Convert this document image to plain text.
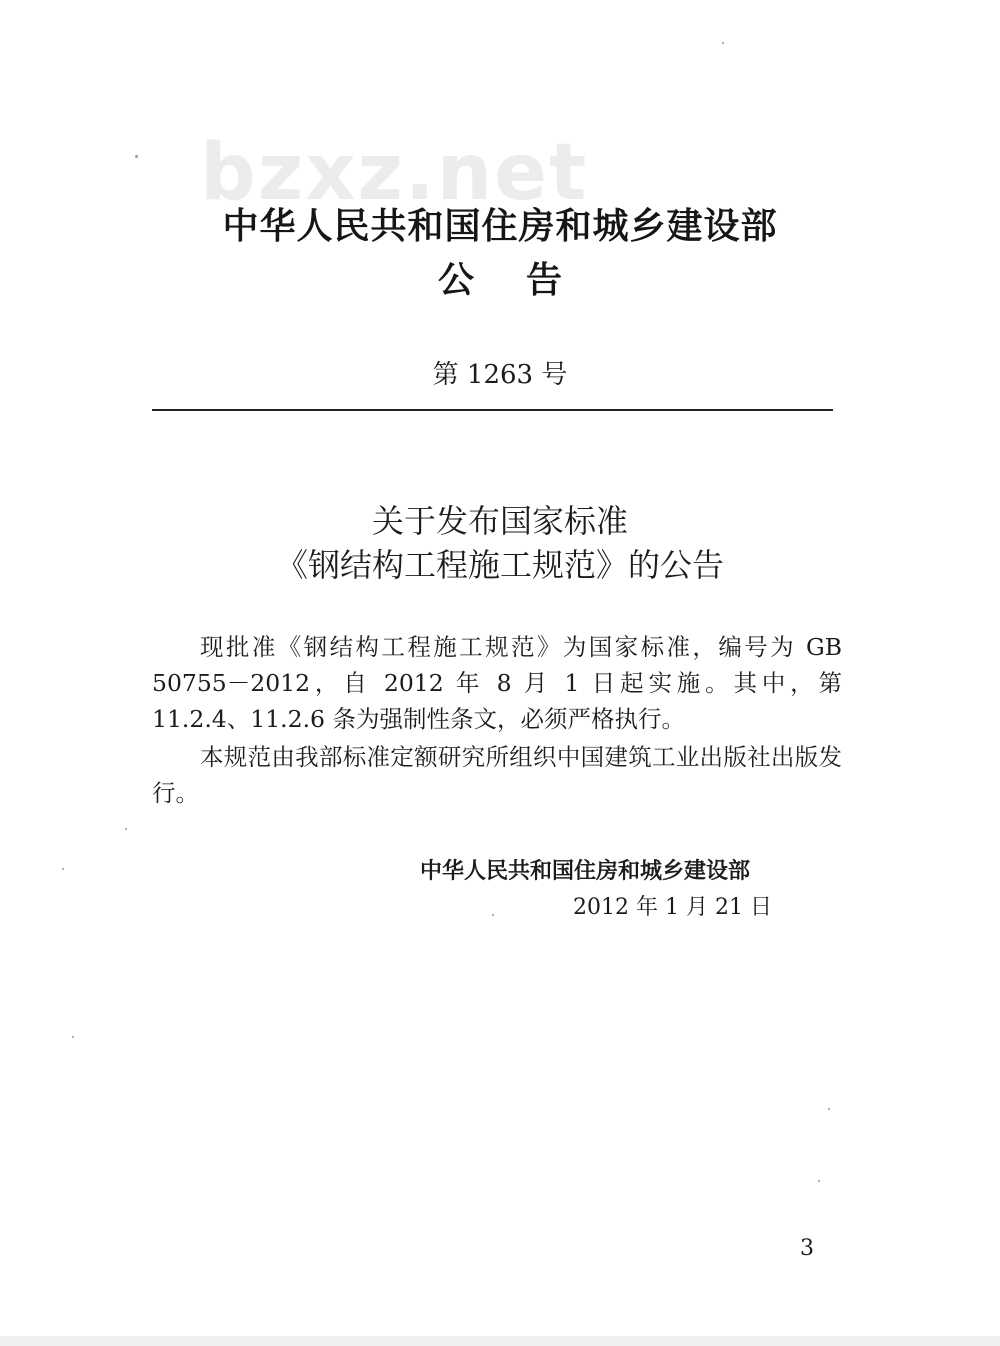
bzxz.net
中华人民共和国住房和城乡建设部
公告
第 1263 号
关于发布国家标准
《钢结构工程施工规范》的公告
现批准《钢结构工程施工规范》为国家标准，编号为 GB 50755－2012，自 2012 年 8 月 1 日起实施。其中，第 11.2.4、11.2.6 条为强制性条文，必须严格执行。
本规范由我部标准定额研究所组织中国建筑工业出版社出版发行。
中华人民共和国住房和城乡建设部
2012 年 1 月 21 日
3
